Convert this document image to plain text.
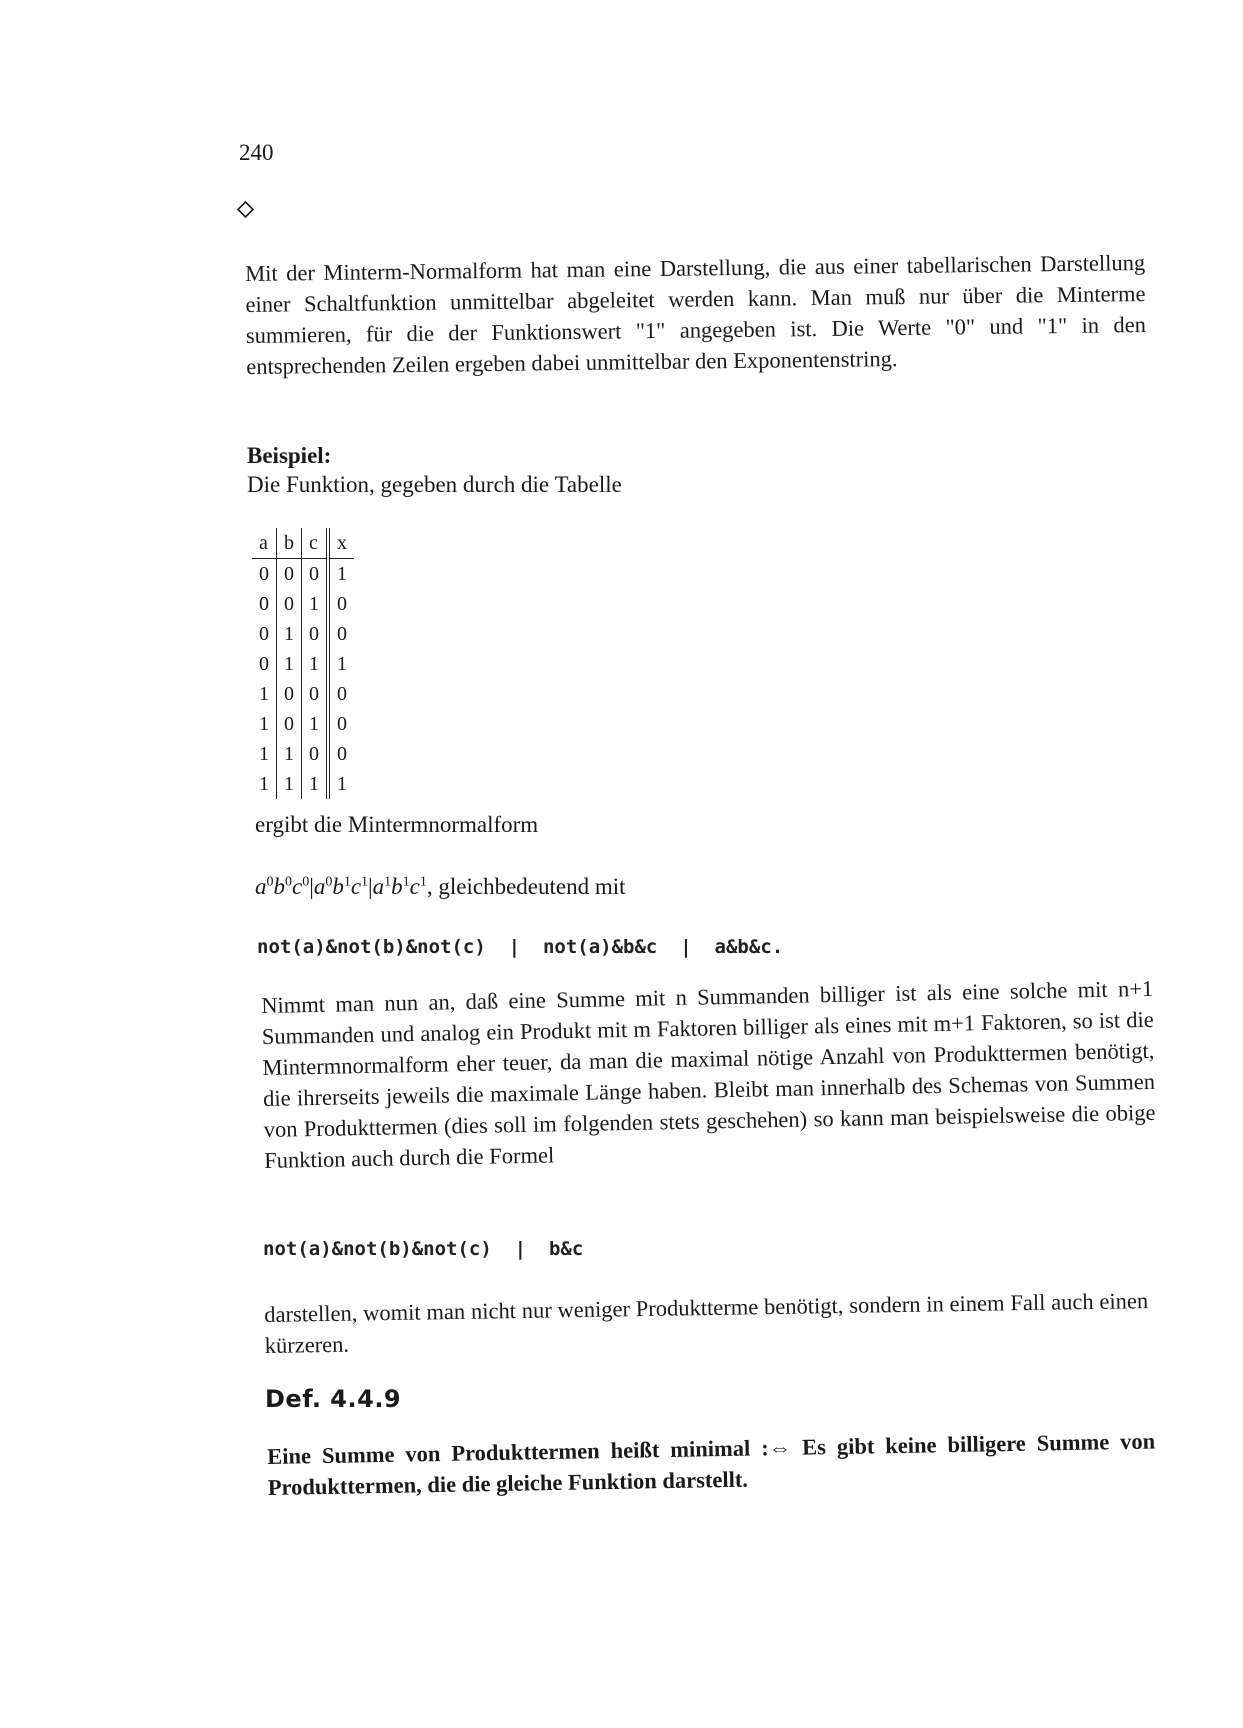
240
Mit der Minterm-Normalform hat man eine Darstellung, die aus einer tabellarischen Darstellung einer Schaltfunktion unmittelbar abgeleitet werden kann. Man muß nur über die Minterme summieren, für die der Funktionswert "1" angegeben ist. Die Werte "0" und "1" in den entsprechenden Zeilen ergeben dabei unmittelbar den Exponentenstring.
Beispiel:
Die Funktion, gegeben durch die Tabelle
a	b	c	x
0	0	0	1
0	0	1	0
0	1	0	0
0	1	1	1
1	0	0	0
1	0	1	0
1	1	0	0
1	1	1	1
ergibt die Mintermnormalform
$a^0b^0c^0|a^0b^1c^1|a^1b^1c^1$, gleichbedeutend mit
not(a)&not(b)&not(c)  |  not(a)&b&c  |  a&b&c.
Nimmt man nun an, daß eine Summe mit n Summanden billiger ist als eine solche mit n+1 Summanden und analog ein Produkt mit m Faktoren billiger als eines mit m+1 Faktoren, so ist die Mintermnormalform eher teuer, da man die maximal nötige Anzahl von Produkttermen benötigt, die ihrerseits jeweils die maximale Länge haben. Bleibt man innerhalb des Schemas von Summen von Produkttermen (dies soll im folgenden stets geschehen) so kann man beispielsweise die obige Funktion auch durch die Formel
not(a)&not(b)&not(c)  |  b&c
darstellen, womit man nicht nur weniger Produktterme benötigt, sondern in einem Fall auch einen kürzeren.
Def. 4.4.9
Eine Summe von Produkttermen heißt minimal :⇔ Es gibt keine billigere Summe von Produkttermen, die die gleiche Funktion darstellt.
